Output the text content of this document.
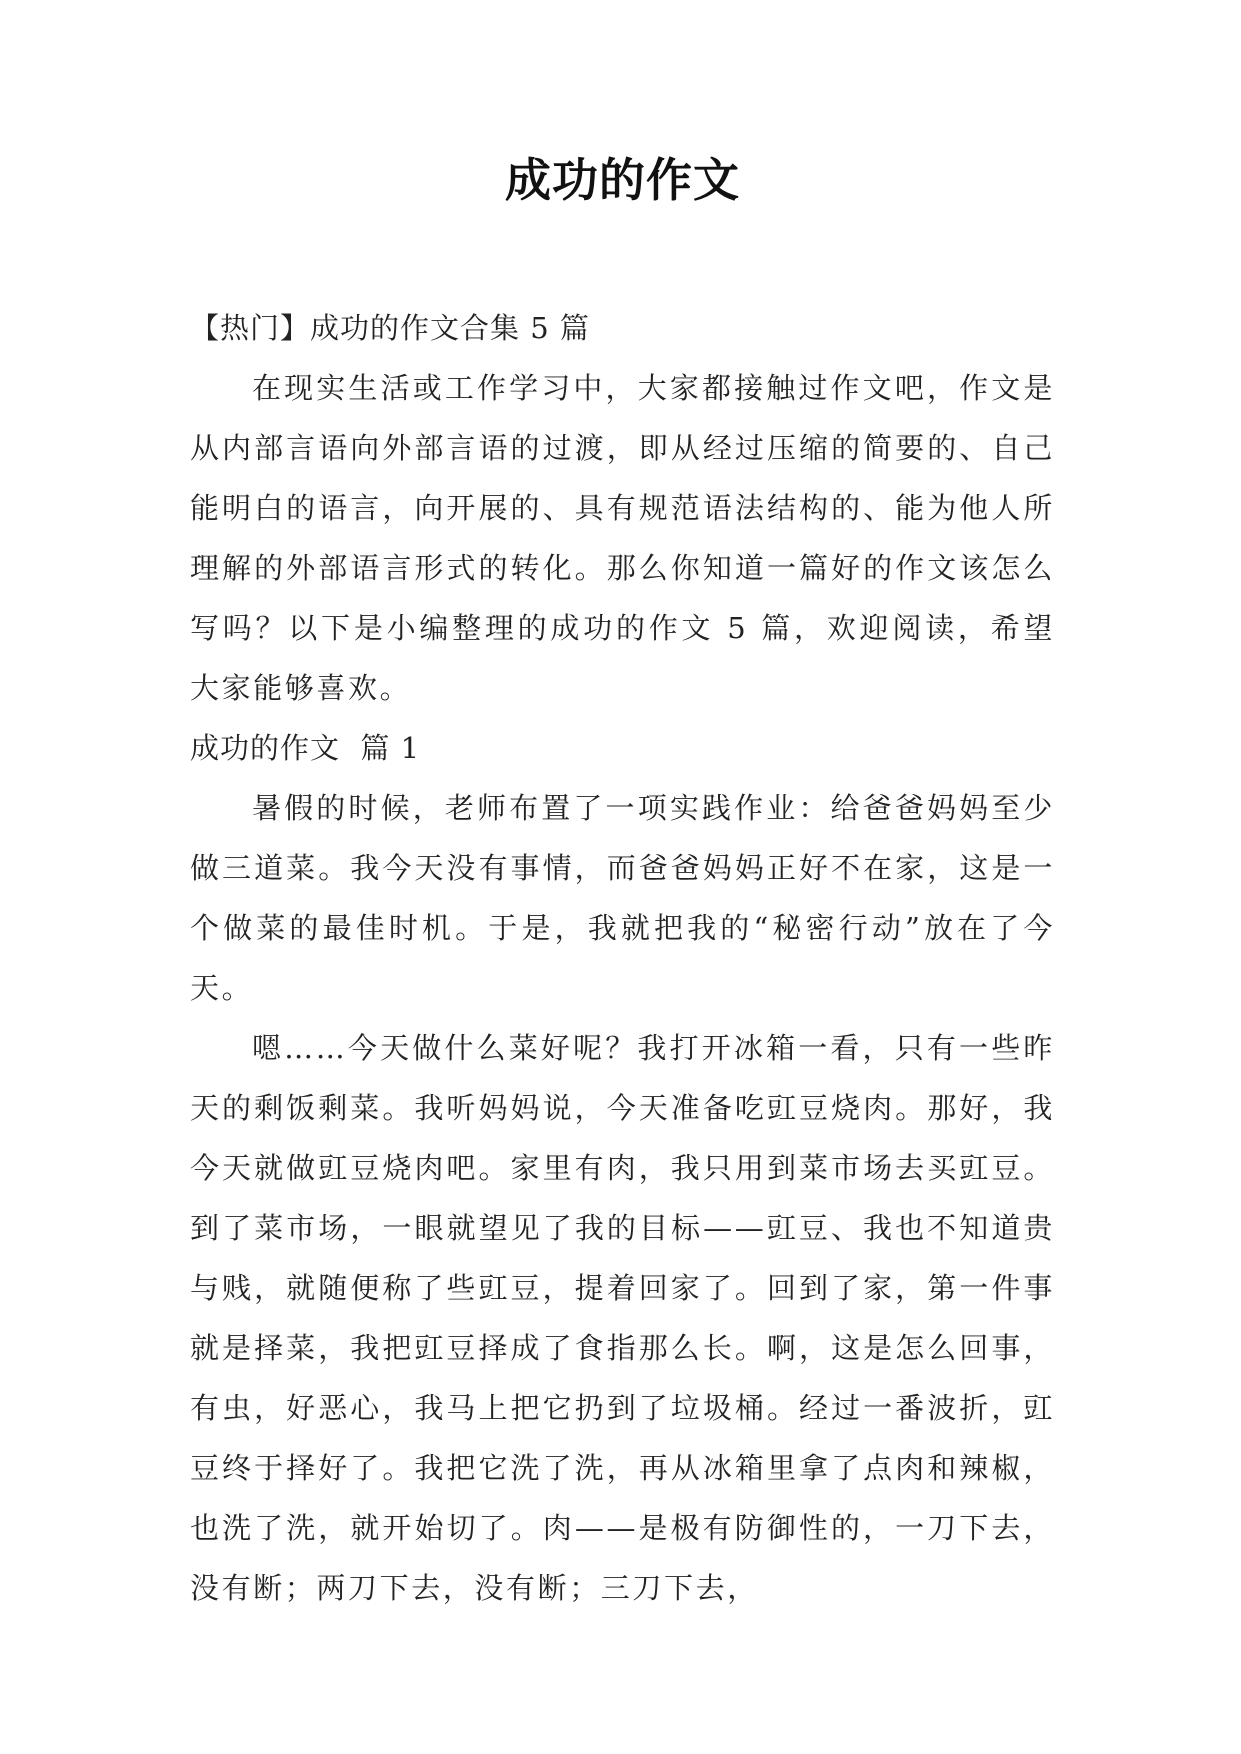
成功的作文
【热门】成功的作文合集 5 篇

在现实生活或工作学习中，大家都接触过作文吧，作文是从内部言语向外部言语的过渡，即从经过压缩的简要的、自己能明白的语言，向开展的、具有规范语法结构的、能为他人所理解的外部语言形式的转化。那么你知道一篇好的作文该怎么写吗？以下是小编整理的成功的作文 5 篇，欢迎阅读，希望大家能够喜欢。

成功的作文  篇 1

暑假的时候，老师布置了一项实践作业：给爸爸妈妈至少做三道菜。我今天没有事情，而爸爸妈妈正好不在家，这是一个做菜的最佳时机。于是，我就把我的“秘密行动”放在了今天。

嗯……今天做什么菜好呢？我打开冰箱一看，只有一些昨天的剩饭剩菜。我听妈妈说，今天准备吃豇豆烧肉。那好，我今天就做豇豆烧肉吧。家里有肉，我只用到菜市场去买豇豆。到了菜市场，一眼就望见了我的目标——豇豆、我也不知道贵与贱，就随便称了些豇豆，提着回家了。回到了家，第一件事就是择菜，我把豇豆择成了食指那么长。啊，这是怎么回事，有虫，好恶心，我马上把它扔到了垃圾桶。经过一番波折，豇豆终于择好了。我把它洗了洗，再从冰箱里拿了点肉和辣椒，也洗了洗，就开始切了。肉——是极有防御性的，一刀下去，没有断；两刀下去，没有断；三刀下去，
